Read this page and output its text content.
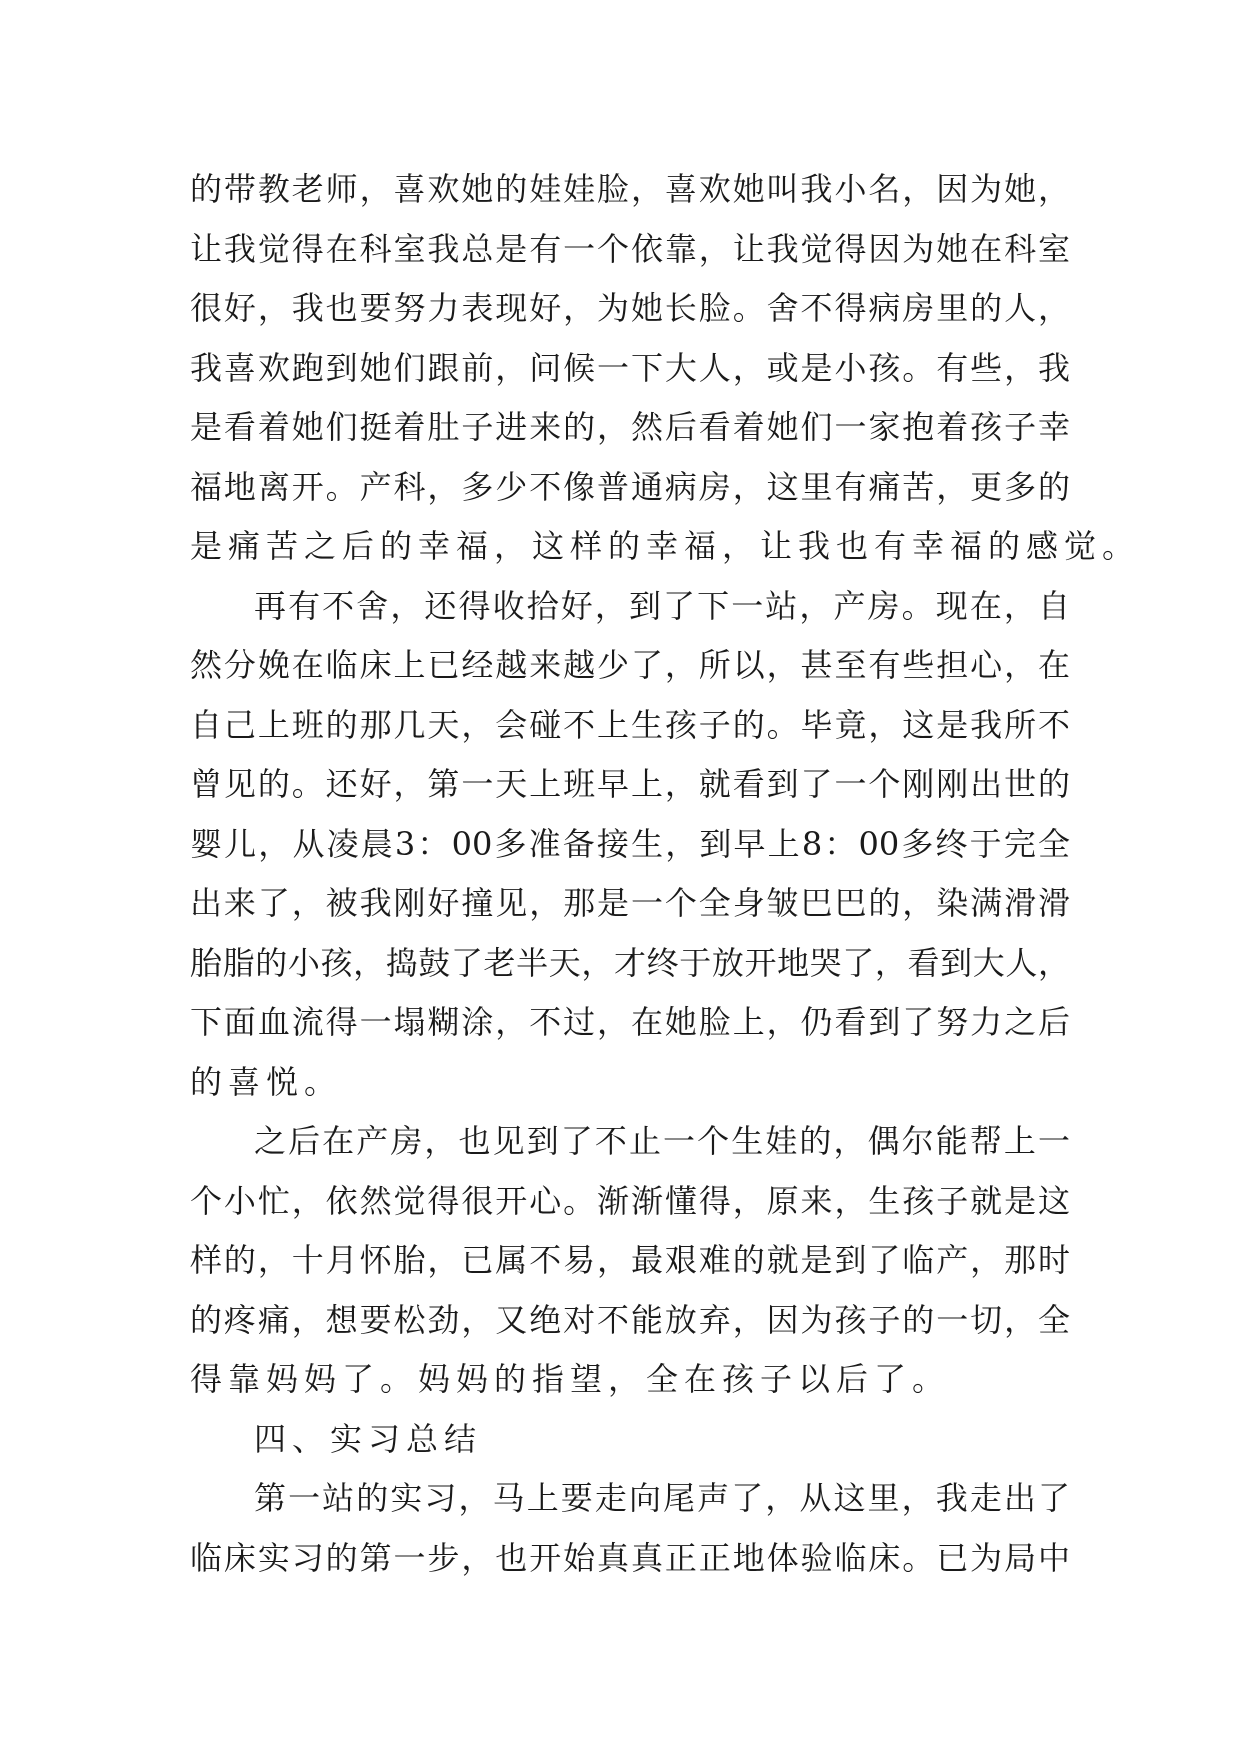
的带教老师，喜欢她的娃娃脸，喜欢她叫我小名，因为她，
让我觉得在科室我总是有一个依靠，让我觉得因为她在科室
很好，我也要努力表现好，为她长脸。舍不得病房里的人，
我喜欢跑到她们跟前，问候一下大人，或是小孩。有些，我
是看着她们挺着肚子进来的，然后看着她们一家抱着孩子幸
福地离开。产科，多少不像普通病房，这里有痛苦，更多的
是痛苦之后的幸福，这样的幸福，让我也有幸福的感觉。
再有不舍，还得收拾好，到了下一站，产房。现在，自
然分娩在临床上已经越来越少了，所以，甚至有些担心，在
自己上班的那几天，会碰不上生孩子的。毕竟，这是我所不
曾见的。还好，第一天上班早上，就看到了一个刚刚出世的
婴儿，从凌晨3：00多准备接生，到早上8：00多终于完全
出来了，被我刚好撞见，那是一个全身皱巴巴的，染满滑滑
胎脂的小孩，捣鼓了老半天，才终于放开地哭了，看到大人，
下面血流得一塌糊涂，不过，在她脸上，仍看到了努力之后
的喜悦。
之后在产房，也见到了不止一个生娃的，偶尔能帮上一
个小忙，依然觉得很开心。渐渐懂得，原来，生孩子就是这
样的，十月怀胎，已属不易，最艰难的就是到了临产，那时
的疼痛，想要松劲，又绝对不能放弃，因为孩子的一切，全
得靠妈妈了。妈妈的指望，全在孩子以后了。
四、实习总结
第一站的实习，马上要走向尾声了，从这里，我走出了
临床实习的第一步，也开始真真正正地体验临床。已为局中
